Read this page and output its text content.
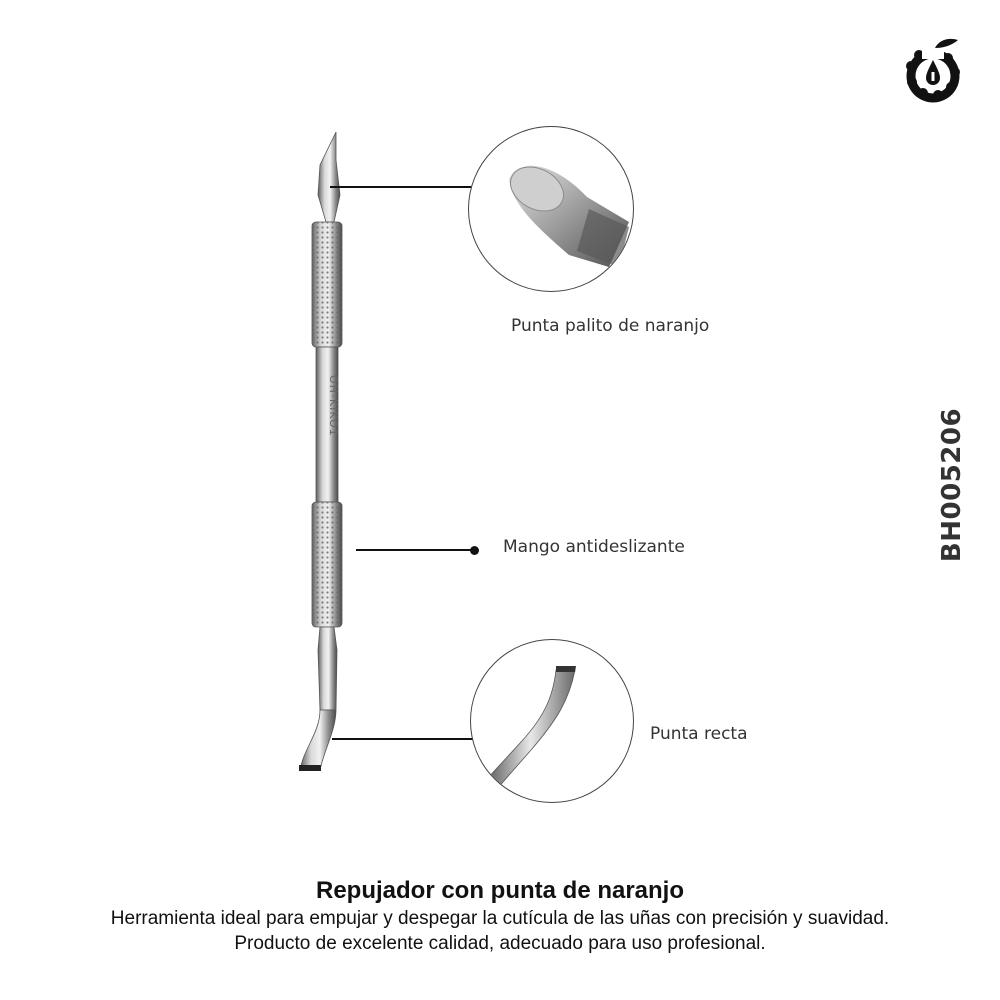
BH005206
OH-KIKO1
Punta palito de naranjo
Mango antideslizante
Punta recta
Repujador con punta de naranjo
Herramienta ideal para empujar y despegar la cutícula de las uñas con precisión y suavidad.
Producto de excelente calidad, adecuado para uso profesional.
